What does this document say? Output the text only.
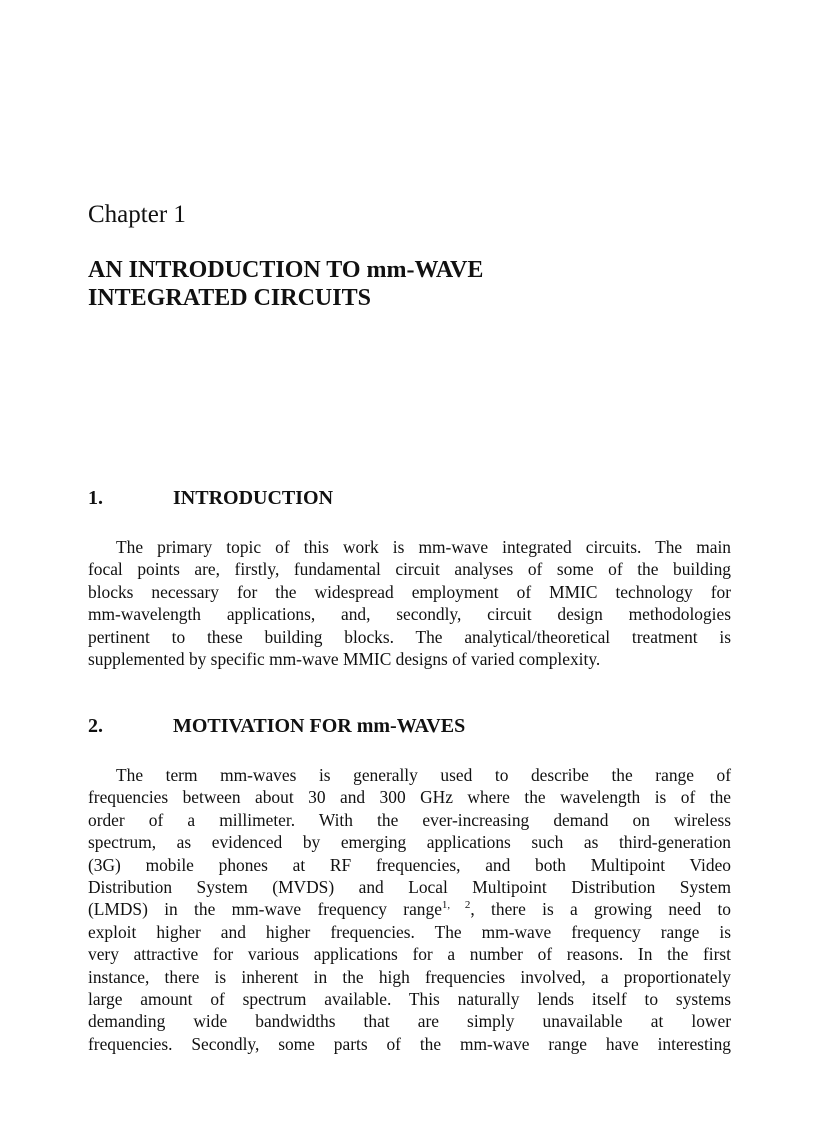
Chapter 1
AN INTRODUCTION TO mm-WAVE
INTEGRATED CIRCUITS
1.	INTRODUCTION
The primary topic of this work is mm-wave integrated circuits. The main
focal points are, firstly, fundamental circuit analyses of some of the building
blocks necessary for the widespread employment of MMIC technology for
mm-wavelength applications, and, secondly, circuit design methodologies
pertinent to these building blocks. The analytical/theoretical treatment is
supplemented by specific mm-wave MMIC designs of varied complexity.
2.	MOTIVATION FOR mm-WAVES
The term mm-waves is generally used to describe the range of
frequencies between about 30 and 300 GHz where the wavelength is of the
order of a millimeter. With the ever-increasing demand on wireless
spectrum, as evidenced by emerging applications such as third-generation
(3G) mobile phones at RF frequencies, and both Multipoint Video
Distribution System (MVDS) and Local Multipoint Distribution System
(LMDS) in the mm-wave frequency range$^{1, 2}$, there is a growing need to
exploit higher and higher frequencies. The mm-wave frequency range is
very attractive for various applications for a number of reasons. In the first
instance, there is inherent in the high frequencies involved, a proportionately
large amount of spectrum available. This naturally lends itself to systems
demanding wide bandwidths that are simply unavailable at lower
frequencies. Secondly, some parts of the mm-wave range have interesting
